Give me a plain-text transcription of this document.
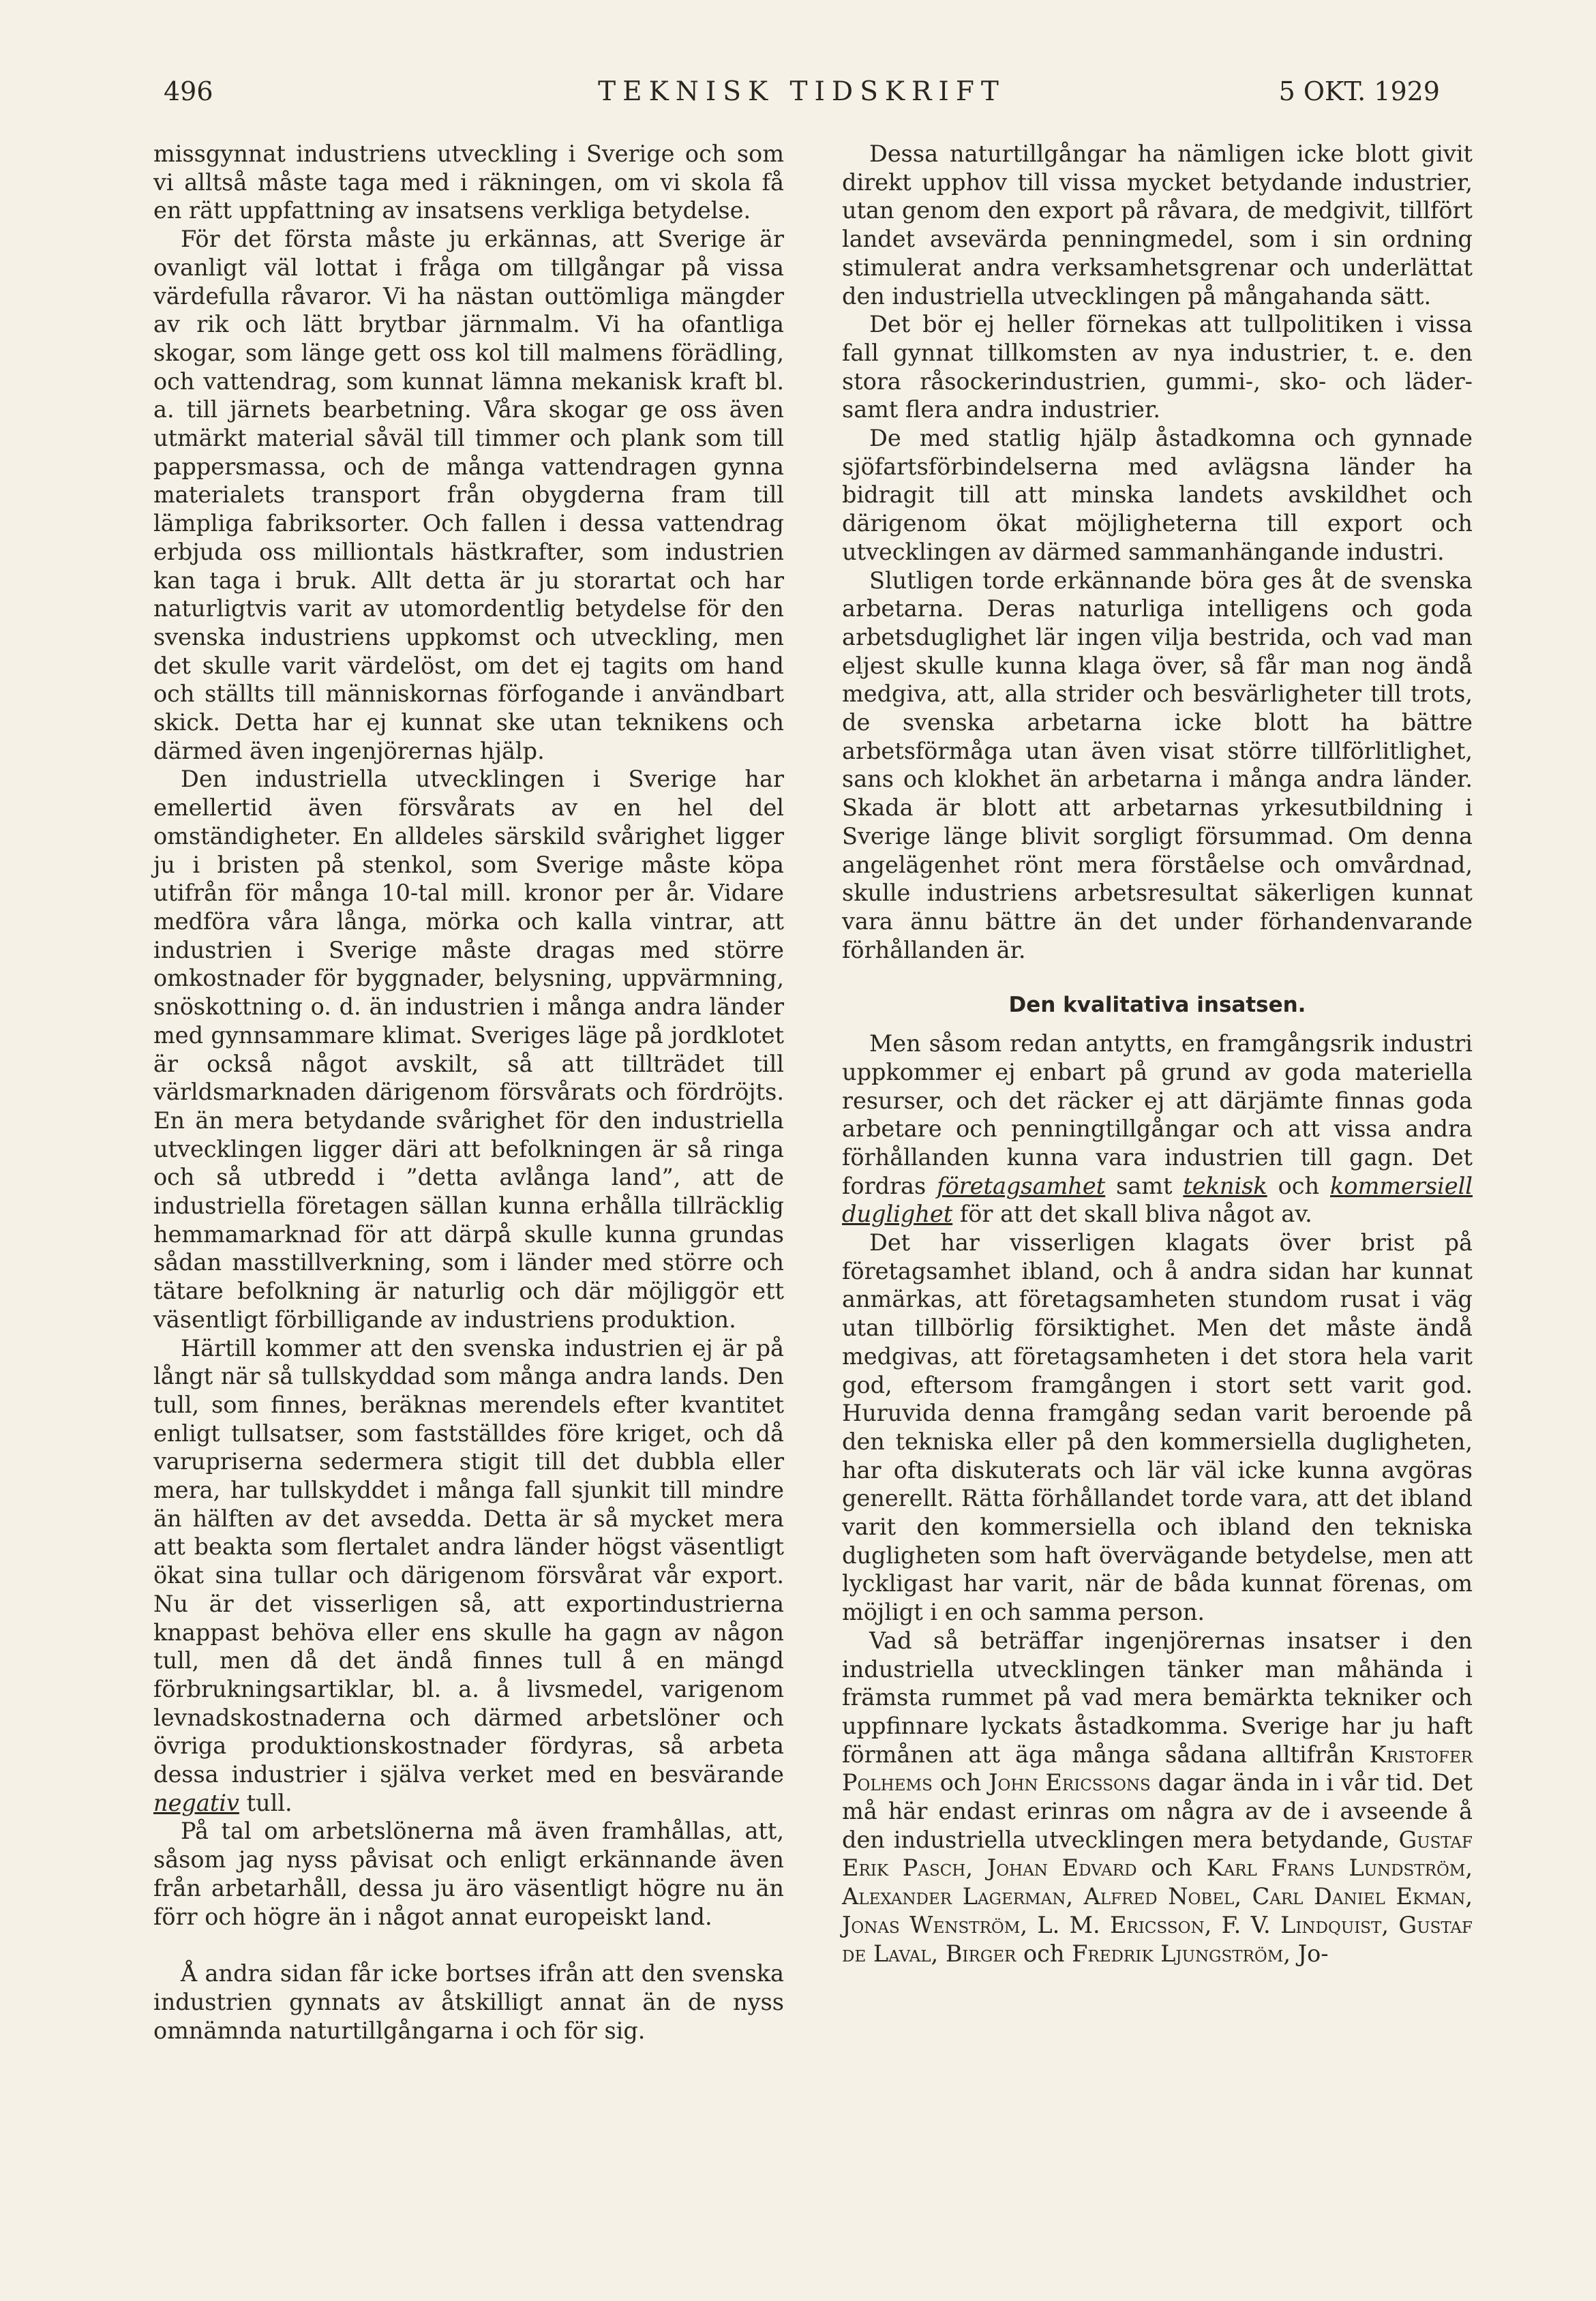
496	TEKNISK TIDSKRIFT	5 OKT. 1929

missgynnat industriens utveckling i Sverige och som vi alltså måste taga med i räkningen, om vi skola få en rätt uppfattning av insatsens verkliga betydelse.

För det första måste ju erkännas, att Sverige är ovanligt väl lottat i fråga om tillgångar på vissa värdefulla råvaror. Vi ha nästan outtömliga mängder av rik och lätt brytbar järnmalm. Vi ha ofantliga skogar, som länge gett oss kol till malmens förädling, och vattendrag, som kunnat lämna mekanisk kraft bl. a. till järnets bearbetning. Våra skogar ge oss även utmärkt material såväl till timmer och plank som till pappersmassa, och de många vattendragen gynna materialets transport från obygderna fram till lämpliga fabriksorter. Och fallen i dessa vattendrag erbjuda oss milliontals hästkrafter, som industrien kan taga i bruk. Allt detta är ju storartat och har naturligtvis varit av utomordentlig betydelse för den svenska industriens uppkomst och utveckling, men det skulle varit värdelöst, om det ej tagits om hand och ställts till människornas förfogande i användbart skick. Detta har ej kunnat ske utan teknikens och därmed även ingenjörernas hjälp.

Den industriella utvecklingen i Sverige har emellertid även försvårats av en hel del omständigheter. En alldeles särskild svårighet ligger ju i bristen på stenkol, som Sverige måste köpa utifrån för många 10-tal mill. kronor per år. Vidare medföra våra långa, mörka och kalla vintrar, att industrien i Sverige måste dragas med större omkostnader för byggnader, belysning, uppvärmning, snöskottning o. d. än industrien i många andra länder med gynnsammare klimat. Sveriges läge på jordklotet är också något avskilt, så att tillträdet till världsmarknaden därigenom försvårats och fördröjts. En än mera betydande svårighet för den industriella utvecklingen ligger däri att befolkningen är så ringa och så utbredd i ”detta avlånga land”, att de industriella företagen sällan kunna erhålla tillräcklig hemmamarknad för att därpå skulle kunna grundas sådan masstillverkning, som i länder med större och tätare befolkning är naturlig och där möjliggör ett väsentligt förbilligande av industriens produktion.

Härtill kommer att den svenska industrien ej är på långt när så tullskyddad som många andra lands. Den tull, som finnes, beräknas merendels efter kvantitet enligt tullsatser, som fastställdes före kriget, och då varupriserna sedermera stigit till det dubbla eller mera, har tullskyddet i många fall sjunkit till mindre än hälften av det avsedda. Detta är så mycket mera att beakta som flertalet andra länder högst väsentligt ökat sina tullar och därigenom försvårat vår export. Nu är det visserligen så, att exportindustrierna knappast behöva eller ens skulle ha gagn av någon tull, men då det ändå finnes tull å en mängd förbrukningsartiklar, bl. a. å livsmedel, varigenom levnadskostnaderna och därmed arbetslöner och övriga produktionskostnader fördyras, så arbeta dessa industrier i själva verket med en besvärande negativ tull.

På tal om arbetslönerna må även framhållas, att, såsom jag nyss påvisat och enligt erkännande även från arbetarhåll, dessa ju äro väsentligt högre nu än förr och högre än i något annat europeiskt land.

Å andra sidan får icke bortses ifrån att den svenska industrien gynnats av åtskilligt annat än de nyss omnämnda naturtillgångarna i och för sig.

Dessa naturtillgångar ha nämligen icke blott givit direkt upphov till vissa mycket betydande industrier, utan genom den export på råvara, de medgivit, tillfört landet avsevärda penningmedel, som i sin ordning stimulerat andra verksamhetsgrenar och underlättat den industriella utvecklingen på mångahanda sätt.

Det bör ej heller förnekas att tullpolitiken i vissa fall gynnat tillkomsten av nya industrier, t. e. den stora råsockerindustrien, gummi-, sko- och läder- samt flera andra industrier.

De med statlig hjälp åstadkomna och gynnade sjöfartsförbindelserna med avlägsna länder ha bidragit till att minska landets avskildhet och därigenom ökat möjligheterna till export och utvecklingen av därmed sammanhängande industri.

Slutligen torde erkännande böra ges åt de svenska arbetarna. Deras naturliga intelligens och goda arbetsduglighet lär ingen vilja bestrida, och vad man eljest skulle kunna klaga över, så får man nog ändå medgiva, att, alla strider och besvärligheter till trots, de svenska arbetarna icke blott ha bättre arbetsförmåga utan även visat större tillförlitlighet, sans och klokhet än arbetarna i många andra länder. Skada är blott att arbetarnas yrkesutbildning i Sverige länge blivit sorgligt försummad. Om denna angelägenhet rönt mera förståelse och omvårdnad, skulle industriens arbetsresultat säkerligen kunnat vara ännu bättre än det under förhandenvarande förhållanden är.

Den kvalitativa insatsen.

Men såsom redan antytts, en framgångsrik industri uppkommer ej enbart på grund av goda materiella resurser, och det räcker ej att därjämte finnas goda arbetare och penningtillgångar och att vissa andra förhållanden kunna vara industrien till gagn. Det fordras företagsamhet samt teknisk och kommersiell duglighet för att det skall bliva något av.

Det har visserligen klagats över brist på företagsamhet ibland, och å andra sidan har kunnat anmärkas, att företagsamheten stundom rusat i väg utan tillbörlig försiktighet. Men det måste ändå medgivas, att företagsamheten i det stora hela varit god, eftersom framgången i stort sett varit god. Huruvida denna framgång sedan varit beroende på den tekniska eller på den kommersiella dugligheten, har ofta diskuterats och lär väl icke kunna avgöras generellt. Rätta förhållandet torde vara, att det ibland varit den kommersiella och ibland den tekniska dugligheten som haft övervägande betydelse, men att lyckligast har varit, när de båda kunnat förenas, om möjligt i en och samma person.

Vad så beträffar ingenjörernas insatser i den industriella utvecklingen tänker man måhända i främsta rummet på vad mera bemärkta tekniker och uppfinnare lyckats åstadkomma. Sverige har ju haft förmånen att äga många sådana alltifrån Kristofer Polhems och John Ericssons dagar ända in i vår tid. Det må här endast erinras om några av de i avseende å den industriella utvecklingen mera betydande, Gustaf Erik Pasch, Johan Edvard och Karl Frans Lundström, Alexander Lagerman, Alfred Nobel, Carl Daniel Ekman, Jonas Wenström, L. M. Ericsson, F. V. Lindquist, Gustaf de Laval, Birger och Fredrik Ljungström, Jo-
